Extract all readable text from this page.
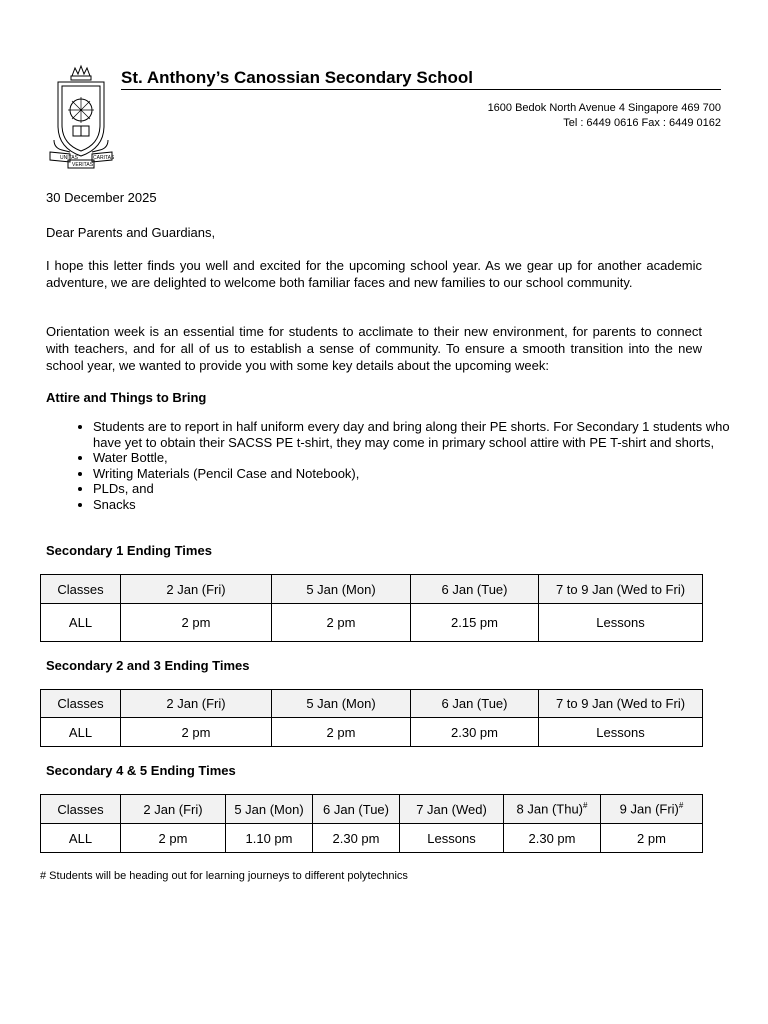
UNITAS
VERITAS
CARITAS
St. Anthony’s Canossian Secondary School
1600 Bedok North Avenue 4 Singapore 469 700
Tel : 6449 0616 Fax : 6449 0162
30 December 2025
Dear Parents and Guardians,
I hope this letter finds you well and excited for the upcoming school year. As we gear up for another academic adventure, we are delighted to welcome both familiar faces and new families to our school community.
Orientation week is an essential time for students to acclimate to their new environment, for parents to connect with teachers, and for all of us to establish a sense of community. To ensure a smooth transition into the new school year, we wanted to provide you with some key details about the upcoming week:
Attire and Things to Bring
• Students are to report in half uniform every day and bring along their PE shorts. For Secondary 1 students who have yet to obtain their SACSS PE t-shirt, they may come in primary school attire with PE T-shirt and shorts,
• Water Bottle,
• Writing Materials (Pencil Case and Notebook),
• PLDs, and
• Snacks
Secondary 1 Ending Times
Classes	2 Jan (Fri)	5 Jan (Mon)	6 Jan (Tue)	7 to 9 Jan (Wed to Fri)
ALL	2 pm	2 pm	2.15 pm	Lessons
Secondary 2 and 3 Ending Times
Classes	2 Jan (Fri)	5 Jan (Mon)	6 Jan (Tue)	7 to 9 Jan (Wed to Fri)
ALL	2 pm	2 pm	2.30 pm	Lessons
Secondary 4 & 5 Ending Times
Classes	2 Jan (Fri)	5 Jan (Mon)	6 Jan (Tue)	7 Jan (Wed)	8 Jan (Thu)#	9 Jan (Fri)#
ALL	2 pm	1.10 pm	2.30 pm	Lessons	2.30 pm	2 pm
# Students will be heading out for learning journeys to different polytechnics
